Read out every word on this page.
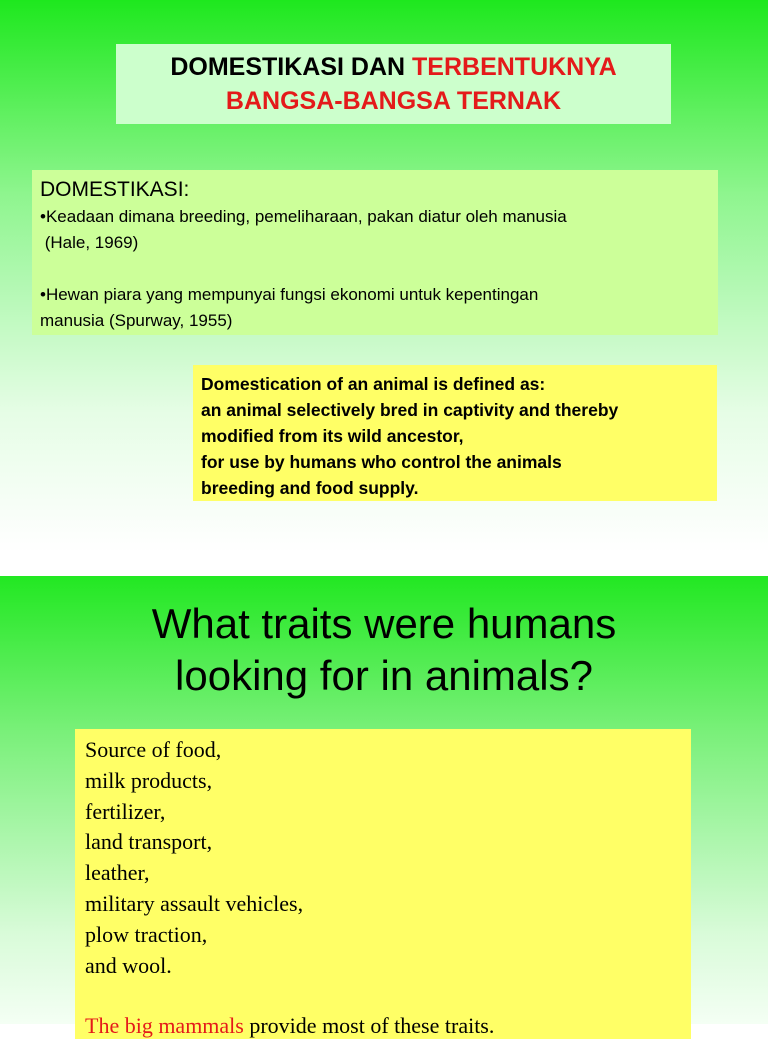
DOMESTIKASI DAN TERBENTUKNYA
BANGSA-BANGSA TERNAK
DOMESTIKASI:
•Keadaan dimana breeding, pemeliharaan, pakan diatur oleh manusia
(Hale, 1969)
•Hewan piara yang mempunyai fungsi ekonomi untuk kepentingan
manusia (Spurway, 1955)
Domestication of an animal is defined as:
an animal selectively bred in captivity and thereby
modified from its wild ancestor,
for use by humans who control the animals
breeding and food supply.
What traits were humans
looking for in animals?
Source of food,
milk products,
fertilizer,
land transport,
leather,
military assault vehicles,
plow traction,
and wool.
The big mammals provide most of these traits.
